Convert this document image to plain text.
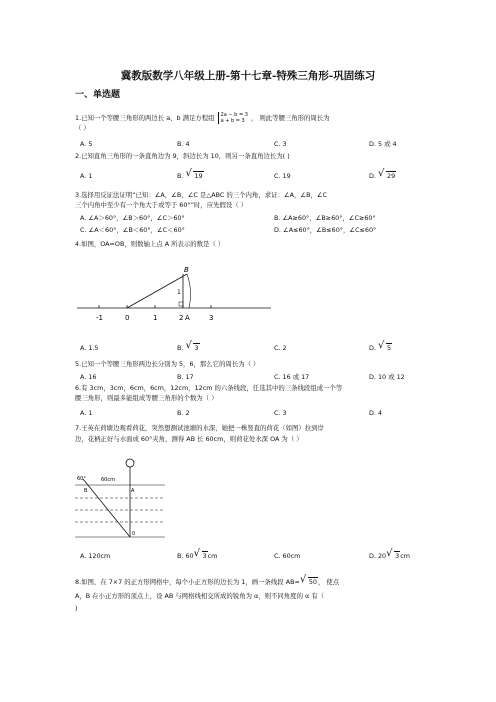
冀教版数学八年级上册-第十七章-特殊三角形-巩固练习
一、单选题
1.已知一个等腰三角形的两边长 a、b 满足方程组 2a − b = 3
a + b = 3 ， 则此等腰三角形的周长为
（ ）
A. 5	B. 4	C. 3	D. 5 或 4
2.已知直角三角形的一条直角边为 9，斜边长为 10，则另一条直角边长为( )
A. 1	B. √ 19	C. 19	D. √ 29
3.选择用反证法证明“已知：∠A，∠B，∠C 是△ABC 的三个内角，求证：∠A，∠B，∠C
三个内角中至少有一个角大于或等于 60°”时，应先假设（ ）
A. ∠A＞60°，∠B＞60°，∠C＞60°	B. ∠A≥60°，∠B≥60°，∠C≥60°
C. ∠A＜60°，∠B＜60°，∠C＜60°	D. ∠A≤60°，∠B≤60°，∠C≤60°
4.如图，OA=OB，则数轴上点 A 所表示的数是（ ）
-1	0	1	2 A	3
B
1
A. 1.5	B. √ 3	C. 2	D. √ 5
5.已知一个等腰三角形两边长分别为 5，6，那么它的周长为（ ）
A. 16	B. 17	C. 16 或 17	D. 10 或 12
6.有 3cm，3cm，6cm，6cm，12cm，12cm 的六条线段，任选其中的三条线段组成一个等
腰三角形，则最多能组成等腰三角形的个数为（ ）
A. 1	B. 2	C. 3	D. 4
7.王英在荷塘边观看荷花，突然想测试池塘的水深，她把一株竖直的荷花（如图）拉到岸
边，花柄正好与水面成 60°夹角，测得 AB 长 60cm，则荷花处水深 OA 为（ ）
60°	60cm
B	A
0
A. 120cm	B. 60 √ 3cm	C. 60cm	D. 20 √ 3cm
8.如图，在 7×7 的正方形网格中，每个小正方形的边长为 1，画一条线段 AB= √ 50， 使点
A，B 在小正方形的顶点上，设 AB 与网格线相交所成的锐角为 α，则不同角度的 α 有（
)
